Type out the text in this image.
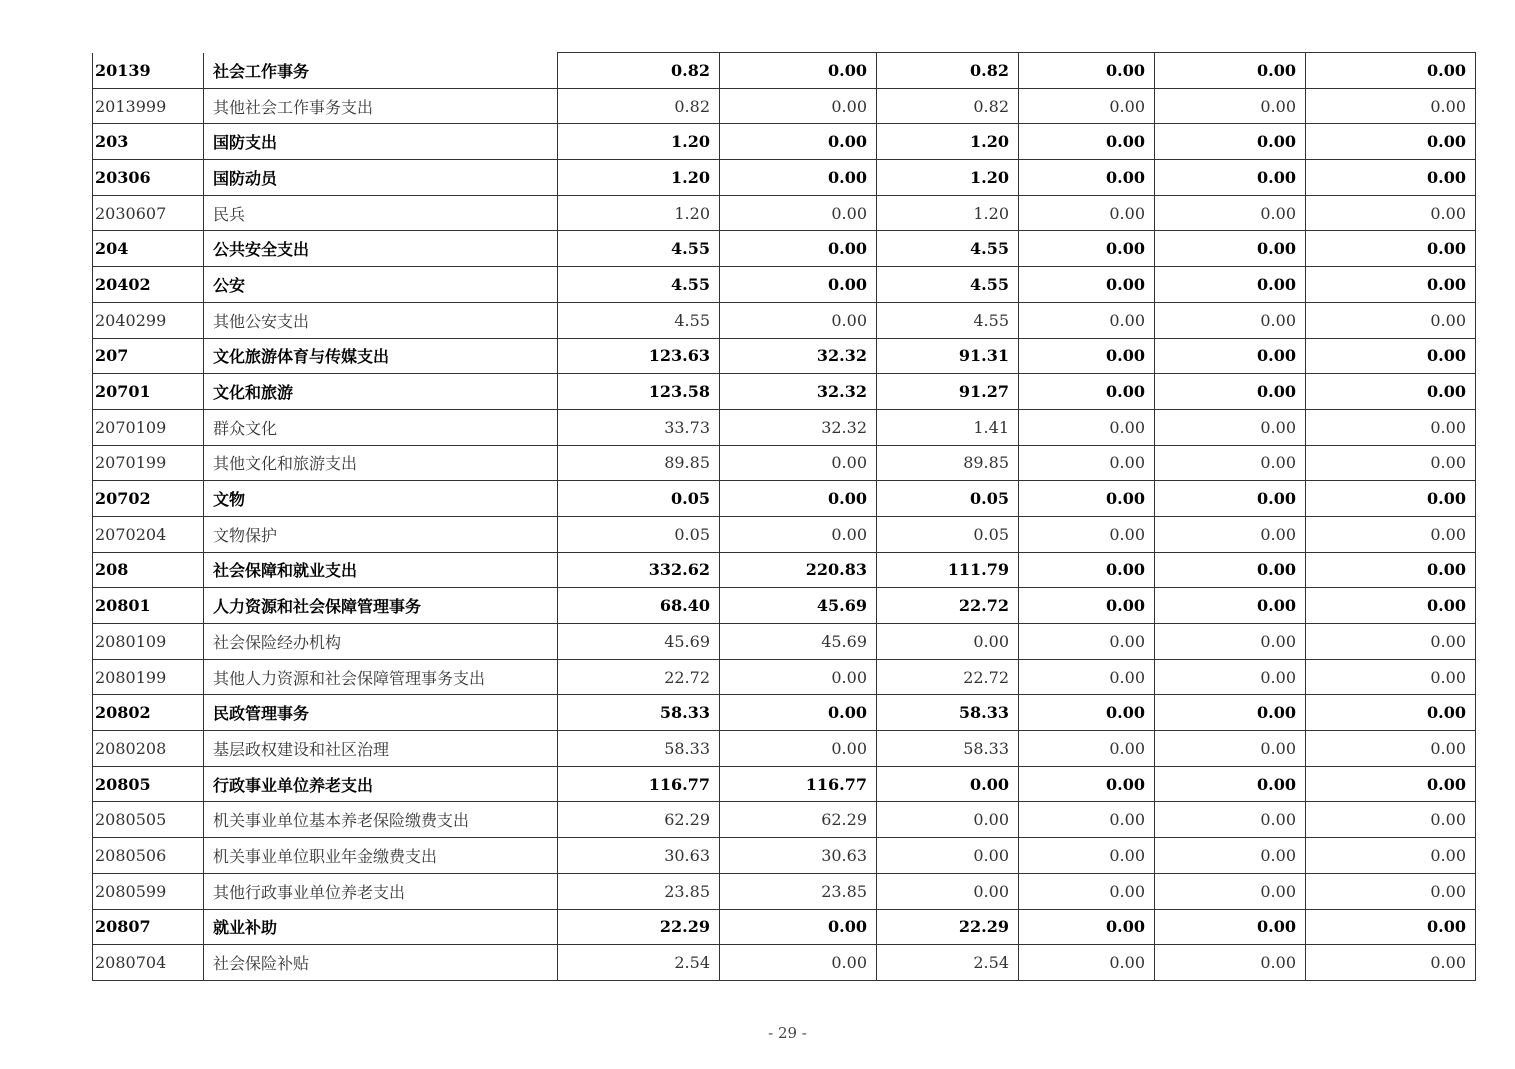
20139	社会工作事务	0.82	0.00	0.82	0.00	0.00	0.00
2013999	其他社会工作事务支出	0.82	0.00	0.82	0.00	0.00	0.00
203	国防支出	1.20	0.00	1.20	0.00	0.00	0.00
20306	国防动员	1.20	0.00	1.20	0.00	0.00	0.00
2030607	民兵	1.20	0.00	1.20	0.00	0.00	0.00
204	公共安全支出	4.55	0.00	4.55	0.00	0.00	0.00
20402	公安	4.55	0.00	4.55	0.00	0.00	0.00
2040299	其他公安支出	4.55	0.00	4.55	0.00	0.00	0.00
207	文化旅游体育与传媒支出	123.63	32.32	91.31	0.00	0.00	0.00
20701	文化和旅游	123.58	32.32	91.27	0.00	0.00	0.00
2070109	群众文化	33.73	32.32	1.41	0.00	0.00	0.00
2070199	其他文化和旅游支出	89.85	0.00	89.85	0.00	0.00	0.00
20702	文物	0.05	0.00	0.05	0.00	0.00	0.00
2070204	文物保护	0.05	0.00	0.05	0.00	0.00	0.00
208	社会保障和就业支出	332.62	220.83	111.79	0.00	0.00	0.00
20801	人力资源和社会保障管理事务	68.40	45.69	22.72	0.00	0.00	0.00
2080109	社会保险经办机构	45.69	45.69	0.00	0.00	0.00	0.00
2080199	其他人力资源和社会保障管理事务支出	22.72	0.00	22.72	0.00	0.00	0.00
20802	民政管理事务	58.33	0.00	58.33	0.00	0.00	0.00
2080208	基层政权建设和社区治理	58.33	0.00	58.33	0.00	0.00	0.00
20805	行政事业单位养老支出	116.77	116.77	0.00	0.00	0.00	0.00
2080505	机关事业单位基本养老保险缴费支出	62.29	62.29	0.00	0.00	0.00	0.00
2080506	机关事业单位职业年金缴费支出	30.63	30.63	0.00	0.00	0.00	0.00
2080599	其他行政事业单位养老支出	23.85	23.85	0.00	0.00	0.00	0.00
20807	就业补助	22.29	0.00	22.29	0.00	0.00	0.00
2080704	社会保险补贴	2.54	0.00	2.54	0.00	0.00	0.00
- 29 -
